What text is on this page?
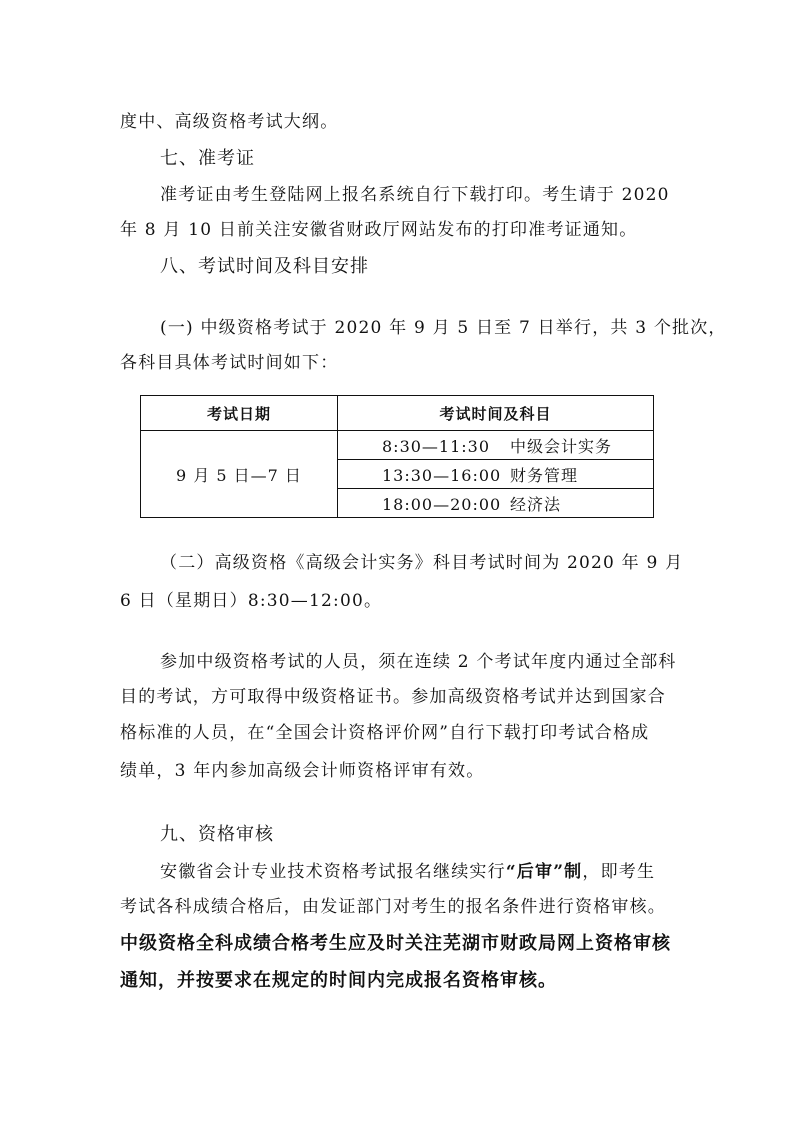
度中、高级资格考试大纲。
七、准考证
准考证由考生登陆网上报名系统自行下载打印。考生请于 2020
年 8 月 10 日前关注安徽省财政厅网站发布的打印准考证通知。
八、考试时间及科目安排
(一) 中级资格考试于 2020 年 9 月 5 日至 7 日举行，共 3 个批次，
各科目具体考试时间如下：
考试日期	考试时间及科目
9 月 5 日—7 日	8:30—11:30 中级会计实务
	13:30—16:00 财务管理
	18:00—20:00 经济法
（二）高级资格《高级会计实务》科目考试时间为 2020 年 9 月
6 日（星期日）8:30—12:00。
参加中级资格考试的人员，须在连续 2 个考试年度内通过全部科
目的考试，方可取得中级资格证书。参加高级资格考试并达到国家合
格标准的人员，在“全国会计资格评价网”自行下载打印考试合格成
绩单，3 年内参加高级会计师资格评审有效。
九、资格审核
安徽省会计专业技术资格考试报名继续实行“后审”制，即考生
考试各科成绩合格后，由发证部门对考生的报名条件进行资格审核。
中级资格全科成绩合格考生应及时关注芜湖市财政局网上资格审核
通知，并按要求在规定的时间内完成报名资格审核。
